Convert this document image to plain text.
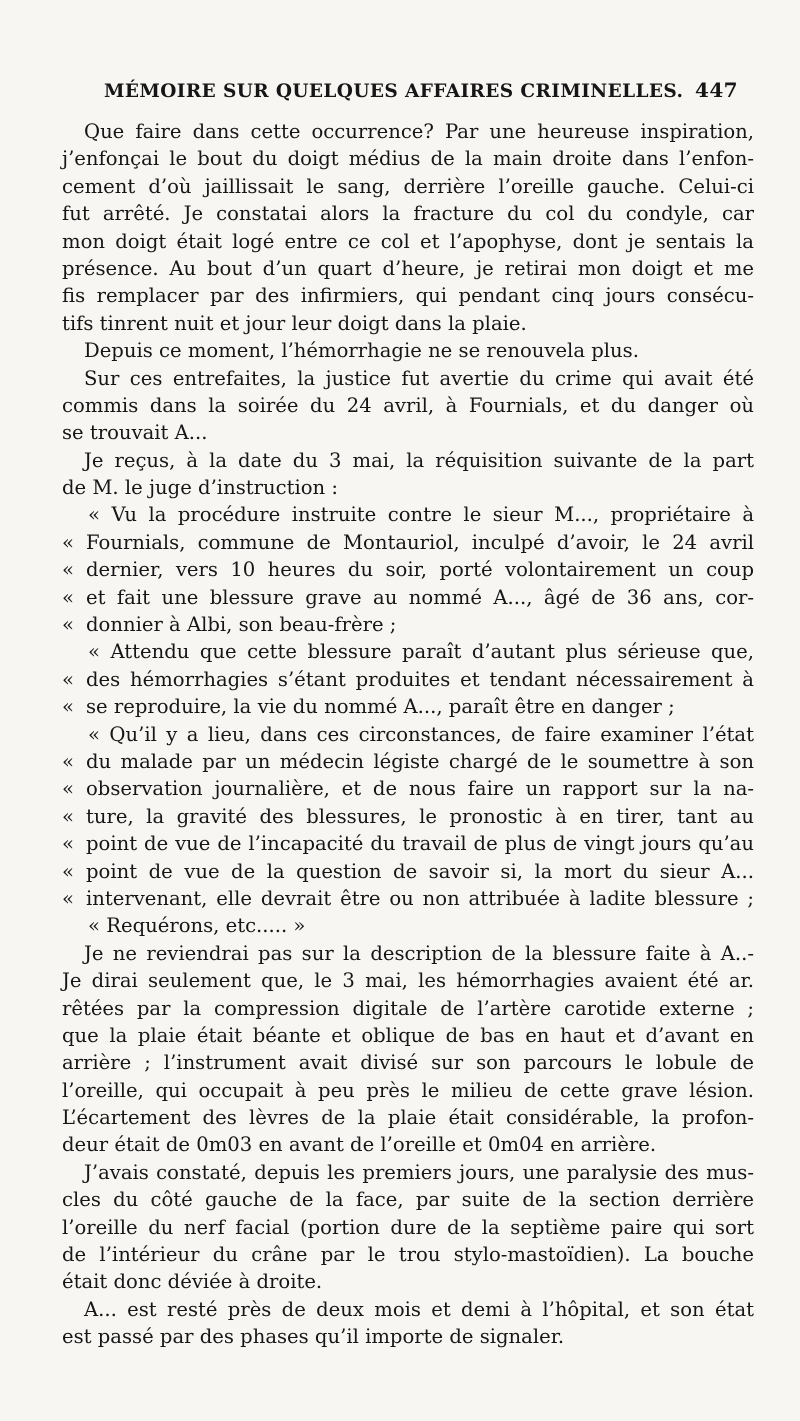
MÉMOIRE SUR QUELQUES AFFAIRES CRIMINELLES. 447
Que faire dans cette occurrence? Par une heureuse inspiration,
j’enfonçai le bout du doigt médius de la main droite dans l’enfon-
cement d’où jaillissait le sang, derrière l’oreille gauche. Celui-ci
fut arrêté. Je constatai alors la fracture du col du condyle, car
mon doigt était logé entre ce col et l’apophyse, dont je sentais la
présence. Au bout d’un quart d’heure, je retirai mon doigt et me
fis remplacer par des infirmiers, qui pendant cinq jours consécu-
tifs tinrent nuit et jour leur doigt dans la plaie.
Depuis ce moment, l’hémorrhagie ne se renouvela plus.
Sur ces entrefaites, la justice fut avertie du crime qui avait été
commis dans la soirée du 24 avril, à Fournials, et du danger où
se trouvait A...
Je reçus, à la date du 3 mai, la réquisition suivante de la part
de M. le juge d’instruction :
« Vu la procédure instruite contre le sieur M..., propriétaire à
« Fournials, commune de Montauriol, inculpé d’avoir, le 24 avril
« dernier, vers 10 heures du soir, porté volontairement un coup
« et fait une blessure grave au nommé A..., âgé de 36 ans, cor-
« donnier à Albi, son beau-frère ;
« Attendu que cette blessure paraît d’autant plus sérieuse que,
« des hémorrhagies s’étant produites et tendant nécessairement à
« se reproduire, la vie du nommé A..., paraît être en danger ;
« Qu’il y a lieu, dans ces circonstances, de faire examiner l’état
« du malade par un médecin légiste chargé de le soumettre à son
« observation journalière, et de nous faire un rapport sur la na-
« ture, la gravité des blessures, le pronostic à en tirer, tant au
« point de vue de l’incapacité du travail de plus de vingt jours qu’au
« point de vue de la question de savoir si, la mort du sieur A...
« intervenant, elle devrait être ou non attribuée à ladite blessure ;
« Requérons, etc..... »
Je ne reviendrai pas sur la description de la blessure faite à A..-
Je dirai seulement que, le 3 mai, les hémorrhagies avaient été ar.
rêtées par la compression digitale de l’artère carotide externe ;
que la plaie était béante et oblique de bas en haut et d’avant en
arrière ; l’instrument avait divisé sur son parcours le lobule de
l’oreille, qui occupait à peu près le milieu de cette grave lésion.
L’écartement des lèvres de la plaie était considérable, la profon-
deur était de 0m03 en avant de l’oreille et 0m04 en arrière.
J’avais constaté, depuis les premiers jours, une paralysie des mus-
cles du côté gauche de la face, par suite de la section derrière
l’oreille du nerf facial (portion dure de la septième paire qui sort
de l’intérieur du crâne par le trou stylo-mastoïdien). La bouche
était donc déviée à droite.
A... est resté près de deux mois et demi à l’hôpital, et son état
est passé par des phases qu’il importe de signaler.
